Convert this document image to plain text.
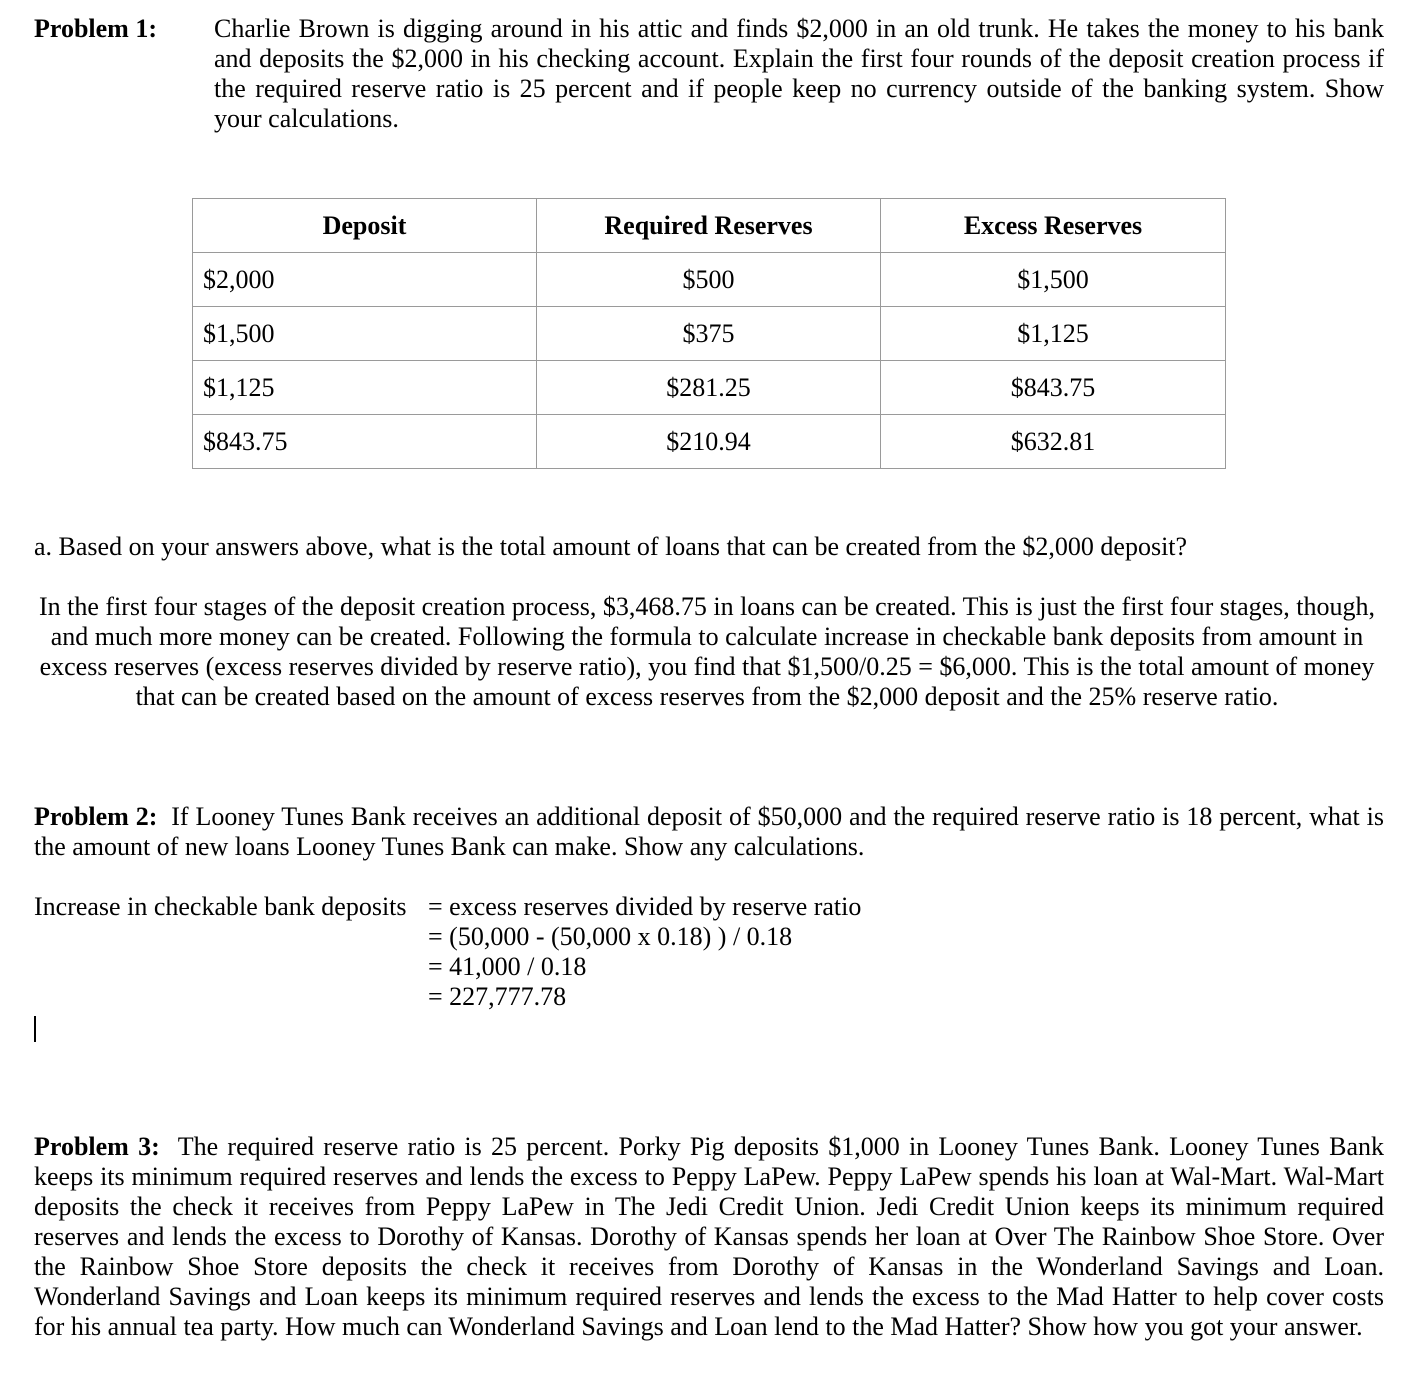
Problem 1: Charlie Brown is digging around in his attic and finds $2,000 in an old trunk. He takes the money to his bank and deposits the $2,000 in his checking account. Explain the first four rounds of the deposit creation process if the required reserve ratio is 25 percent and if people keep no currency outside of the banking system. Show your calculations.
Deposit	Required Reserves	Excess Reserves
$2,000	$500	$1,500
$1,500	$375	$1,125
$1,125	$281.25	$843.75
$843.75	$210.94	$632.81
a. Based on your answers above, what is the total amount of loans that can be created from the $2,000 deposit?
In the first four stages of the deposit creation process, $3,468.75 in loans can be created. This is just the first four stages, though, and much more money can be created. Following the formula to calculate increase in checkable bank deposits from amount in excess reserves (excess reserves divided by reserve ratio), you find that $1,500/0.25 = $6,000. This is the total amount of money that can be created based on the amount of excess reserves from the $2,000 deposit and the 25% reserve ratio.
Problem 2: If Looney Tunes Bank receives an additional deposit of $50,000 and the required reserve ratio is 18 percent, what is the amount of new loans Looney Tunes Bank can make. Show any calculations.
Increase in checkable bank deposits = excess reserves divided by reserve ratio
= (50,000 - (50,000 x 0.18) ) / 0.18
= 41,000 / 0.18
= 227,777.78
Problem 3: The required reserve ratio is 25 percent. Porky Pig deposits $1,000 in Looney Tunes Bank. Looney Tunes Bank keeps its minimum required reserves and lends the excess to Peppy LaPew. Peppy LaPew spends his loan at Wal-Mart. Wal-Mart deposits the check it receives from Peppy LaPew in The Jedi Credit Union. Jedi Credit Union keeps its minimum required reserves and lends the excess to Dorothy of Kansas. Dorothy of Kansas spends her loan at Over The Rainbow Shoe Store. Over the Rainbow Shoe Store deposits the check it receives from Dorothy of Kansas in the Wonderland Savings and Loan. Wonderland Savings and Loan keeps its minimum required reserves and lends the excess to the Mad Hatter to help cover costs for his annual tea party. How much can Wonderland Savings and Loan lend to the Mad Hatter? Show how you got your answer.
